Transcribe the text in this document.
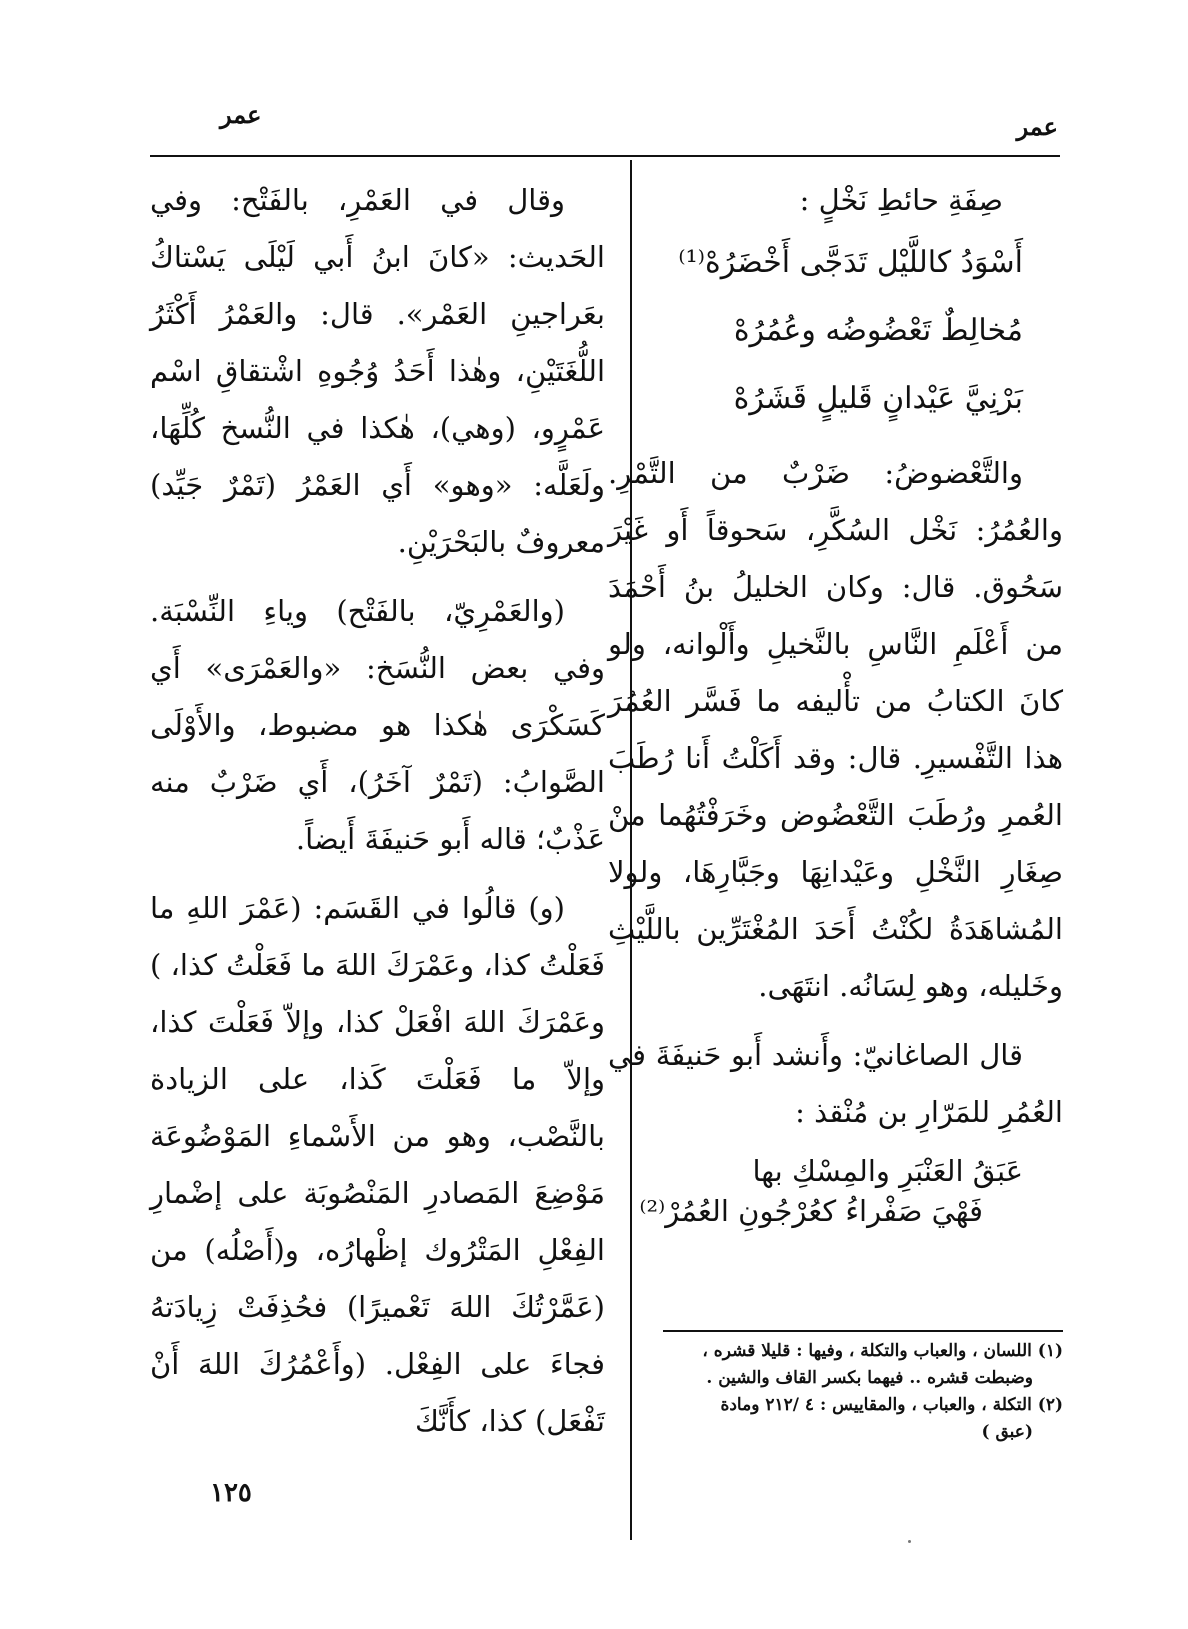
عمر
عمر

صِفَةِ حائطِ نَخْلٍ :

أَسْوَدُ كاللَّيْل تَدَجَّى أَخْضَرُهْ⁽¹⁾
مُخالِطٌ تَعْضُوضُه وعُمُرُهْ
بَرْنِيَّ عَيْدانٍ قَليلٍ قَشَرُهْ

والتَّعْضوضُ: ضَرْبٌ من التَّمْرِ. والعُمُرُ: نَخْل السُكَّرِ، سَحوقاً أَو غَيْرَ سَحُوق. قال: وكان الخليلُ بنُ أَحْمَدَ من أَعْلَمِ النَّاسِ بالنَّخيلِ وأَلْوانه، ولو كانَ الكتابُ من تأْليفه ما فَسَّر العُمُرَ هذا التَّفْسيرِ. قال: وقد أَكَلْتُ أَنا رُطَبَ العُمرِ ورُطَبَ التَّعْضُوض وخَرَفْتُهُما منْ صِغَارِ النَّخْلِ وعَيْدانِهَا وجَبَّارِهَا، ولولا المُشاهَدَةُ لكُنْتُ أَحَدَ المُغْتَرِّين باللَّيْثِ وخَليله، وهو لِسَانُه. انتَهَى.

قال الصاغانيّ: وأَنشد أَبو حَنيفَةَ في العُمُرِ للمَرّارِ بن مُنْقذ :

عَبَقُ العَنْبَرِ والمِسْكِ بها
فَهْيَ صَفْراءُ كعُرْجُونِ العُمُرْ⁽²⁾

وقال في العَمْرِ، بالفَتْح: وفي الحَديث: «كانَ ابنُ أَبي لَيْلَى يَسْتاكُ بعَراجينِ العَمْر». قال: والعَمْرُ أَكْثَرُ اللُّغَتَيْنِ، وهٰذا أَحَدُ وُجُوهِ اشْتقاقِ اسْم عَمْرٍو، (وهي)، هٰكذا في النُّسخ كُلِّهَا، ولَعَلَّه: «وهو» أَي العَمْرُ (تَمْرٌ جَيِّد) معروفٌ بالبَحْرَيْنِ.

(والعَمْرِيّ، بالفَتْح) وياءِ النِّسْبَة. وفي بعض النُّسَخ: «والعَمْرَى» أَي كَسَكْرَى هٰكذا هو مضبوط، والأَوْلَى الصَّوابُ: (تَمْرٌ آخَرُ)، أَي ضَرْبٌ منه عَذْبٌ؛ قاله أَبو حَنيفَةَ أَيضاً.

(و) قالُوا في القَسَم: (عَمْرَ اللهِ ما فَعَلْتُ كذا، وعَمْرَكَ اللهَ ما فَعَلْتُ كذا، ) وعَمْرَكَ اللهَ افْعَلْ كذا، وإلاّ فَعَلْتَ كذا، وإلاّ ما فَعَلْتَ كَذا، على الزيادة بالنَّصْب، وهو من الأَسْماءِ المَوْضُوعَة مَوْضِعَ المَصادرِ المَنْصُوبَة على إضْمارِ الفِعْلِ المَتْرُوك إظْهارُه، و(أَصْلُه) من (عَمَّرْتُكَ اللهَ تَعْميرًا) فحُذِفَتْ زِيادَتهُ فجاءَ على الفِعْل. (وأَعْمُرُكَ اللهَ أَنْ تَفْعَل) كذا، كأَنَّكَ

(١) اللسان ، والعباب والتكلة ، وفيها : قليلا قشره ،

وضبطت قشره .. فيهما بكسر القاف والشين .

(٢) التكلة ، والعباب ، والمقاييس : ٤ /٢١٢ ومادة

(عبق )

١٢٥
